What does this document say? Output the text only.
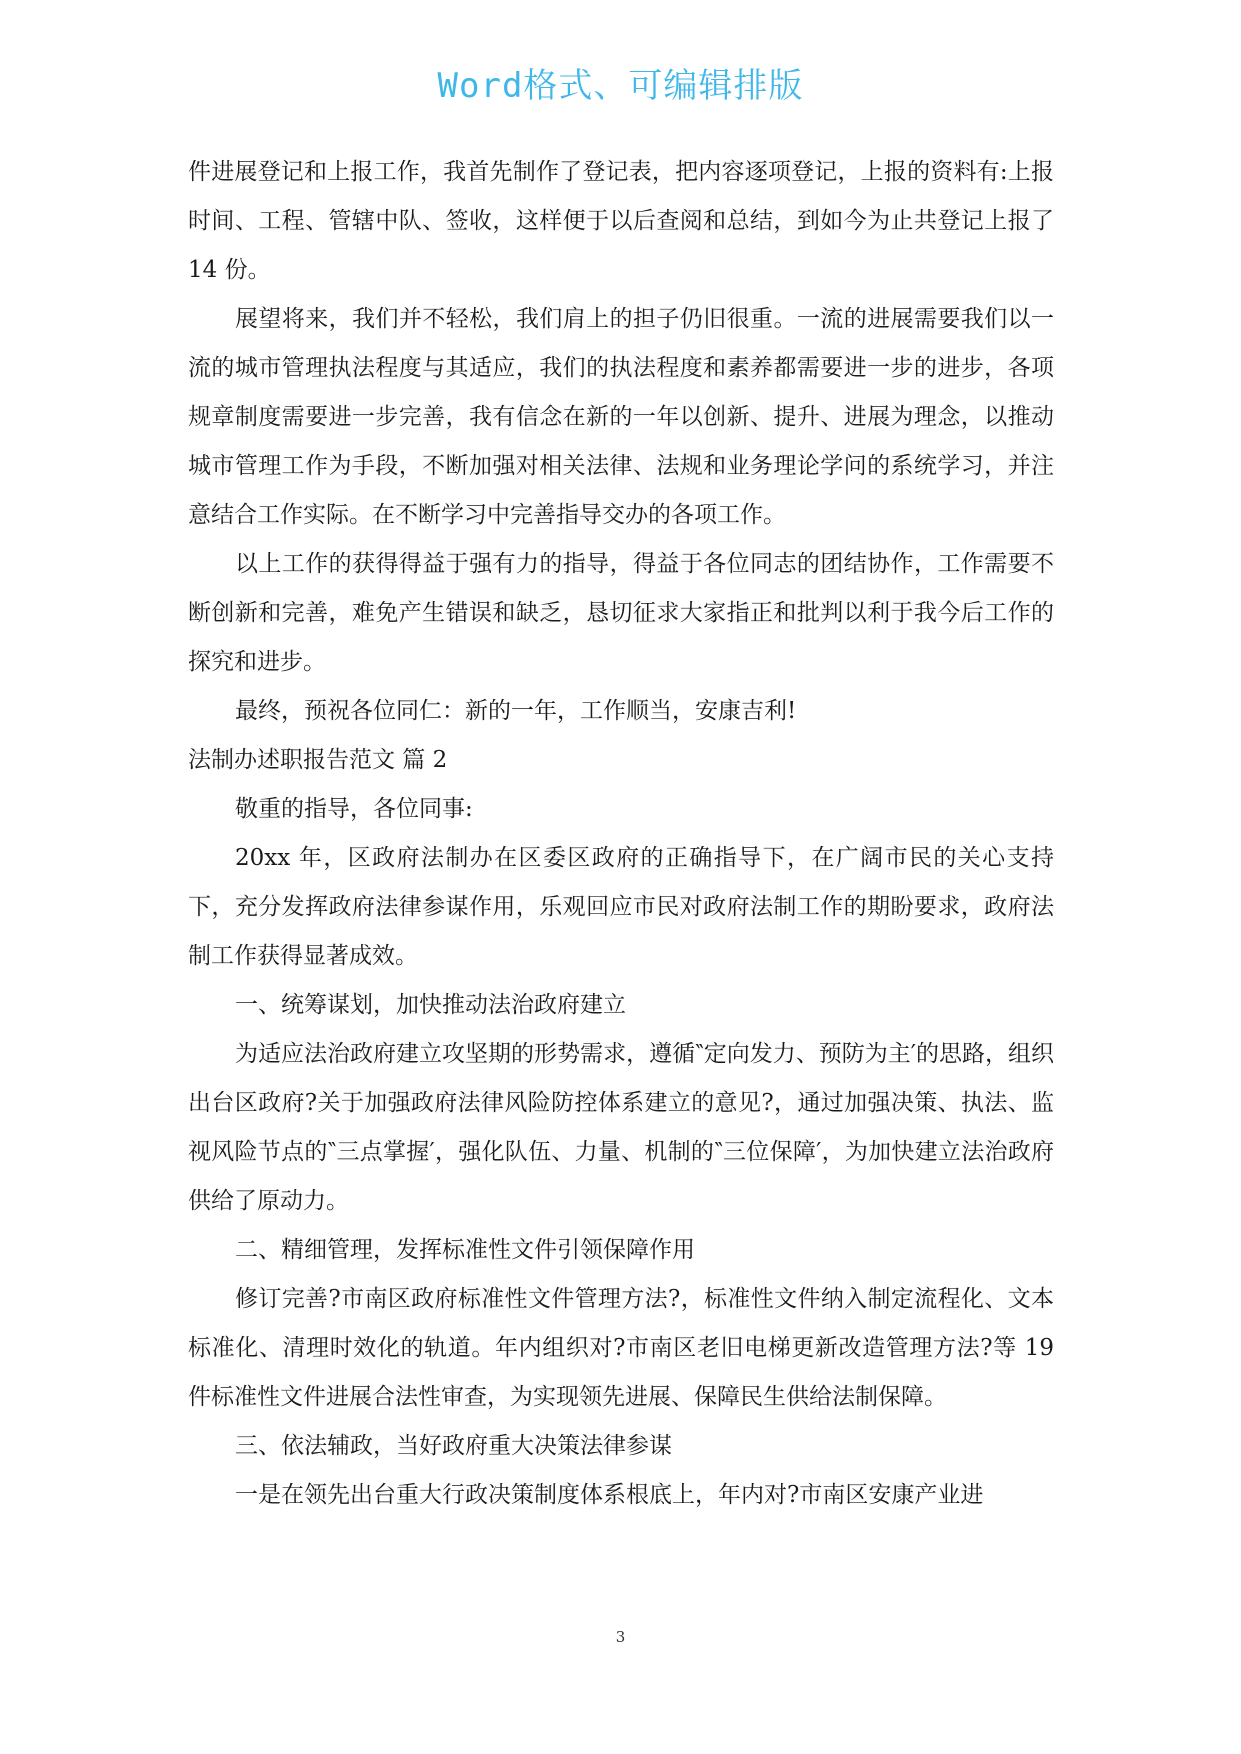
Word格式、可编辑排版

件进展登记和上报工作，我首先制作了登记表，把内容逐项登记，上报的资料有:上报时间、工程、管辖中队、签收，这样便于以后查阅和总结，到如今为止共登记上报了 14 份。

展望将来，我们并不轻松，我们肩上的担子仍旧很重。一流的进展需要我们以一流的城市管理执法程度与其适应，我们的执法程度和素养都需要进一步的进步，各项规章制度需要进一步完善，我有信念在新的一年以创新、提升、进展为理念，以推动城市管理工作为手段，不断加强对相关法律、法规和业务理论学问的系统学习，并注意结合工作实际。在不断学习中完善指导交办的各项工作。

以上工作的获得得益于强有力的指导，得益于各位同志的团结协作，工作需要不断创新和完善，难免产生错误和缺乏，恳切征求大家指正和批判以利于我今后工作的探究和进步。

最终，预祝各位同仁：新的一年，工作顺当，安康吉利!

法制办述职报告范文 篇 2

敬重的指导，各位同事:

20xx 年，区政府法制办在区委区政府的正确指导下，在广阔市民的关心支持下，充分发挥政府法律参谋作用，乐观回应市民对政府法制工作的期盼要求，政府法制工作获得显著成效。

一、统筹谋划，加快推动法治政府建立

为适应法治政府建立攻坚期的形势需求，遵循‶定向发力、预防为主′的思路，组织出台区政府?关于加强政府法律风险防控体系建立的意见?，通过加强决策、执法、监视风险节点的‶三点掌握′，强化队伍、力量、机制的‶三位保障′，为加快建立法治政府供给了原动力。

二、精细管理，发挥标准性文件引领保障作用

修订完善?市南区政府标准性文件管理方法?，标准性文件纳入制定流程化、文本标准化、清理时效化的轨道。年内组织对?市南区老旧电梯更新改造管理方法?等 19 件标准性文件进展合法性审查，为实现领先进展、保障民生供给法制保障。

三、依法辅政，当好政府重大决策法律参谋

一是在领先出台重大行政决策制度体系根底上，年内对?市南区安康产业进

3
